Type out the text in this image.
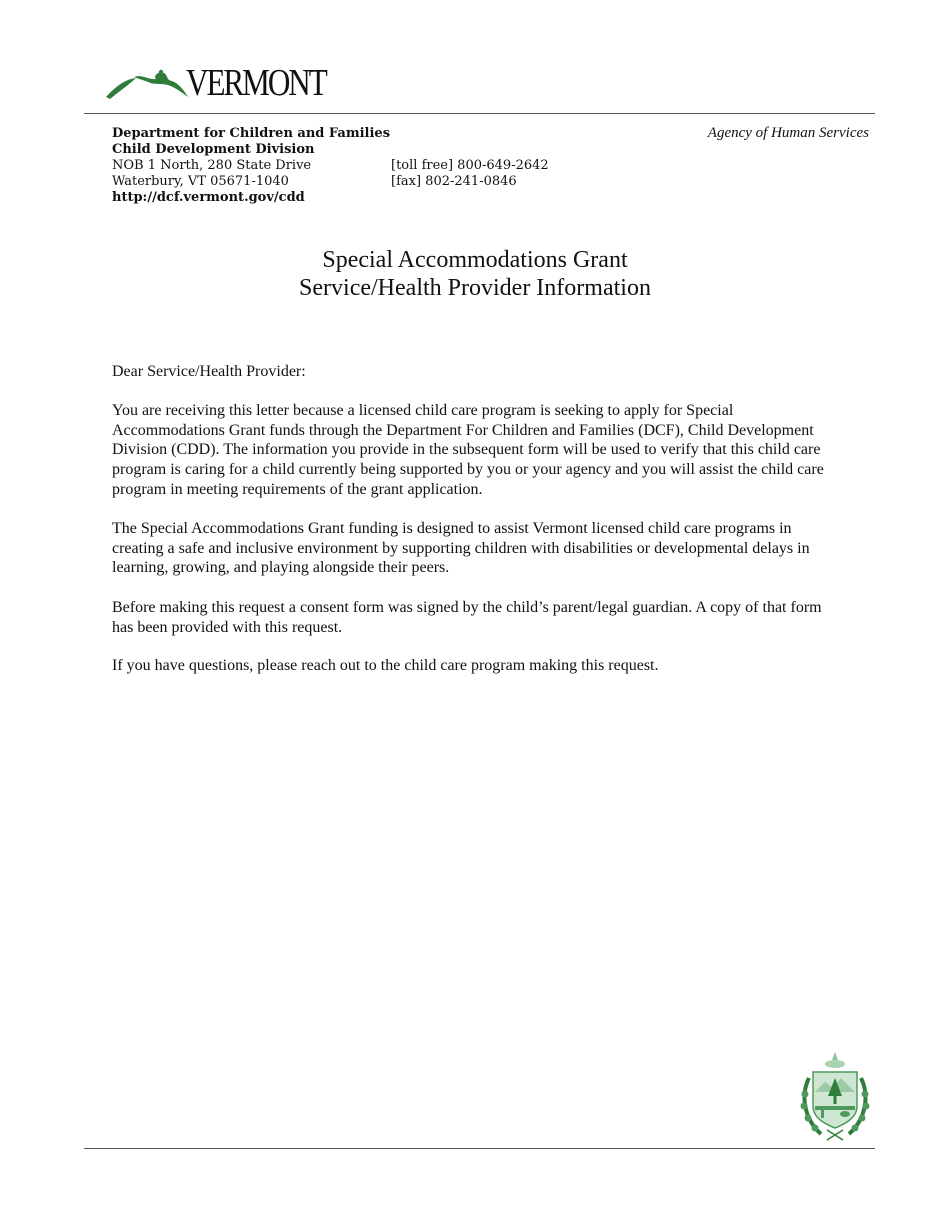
VERMONT
Department for Children and Families
Child Development Division
NOB 1 North, 280 State Drive
Waterbury, VT 05671-1040
http://dcf.vermont.gov/cdd
[toll free] 800-649-2642
[fax] 802-241-0846
Agency of Human Services
Special Accommodations Grant
Service/Health Provider Information

Dear Service/Health Provider:

You are receiving this letter because a licensed child care program is seeking to apply for Special Accommodations Grant funds through the Department For Children and Families (DCF), Child Development Division (CDD). The information you provide in the subsequent form will be used to verify that this child care program is caring for a child currently being supported by you or your agency and you will assist the child care program in meeting requirements of the grant application.

The Special Accommodations Grant funding is designed to assist Vermont licensed child care programs in creating a safe and inclusive environment by supporting children with disabilities or developmental delays in learning, growing, and playing alongside their peers.

Before making this request a consent form was signed by the child’s parent/legal guardian. A copy of that form has been provided with this request.

If you have questions, please reach out to the child care program making this request.
